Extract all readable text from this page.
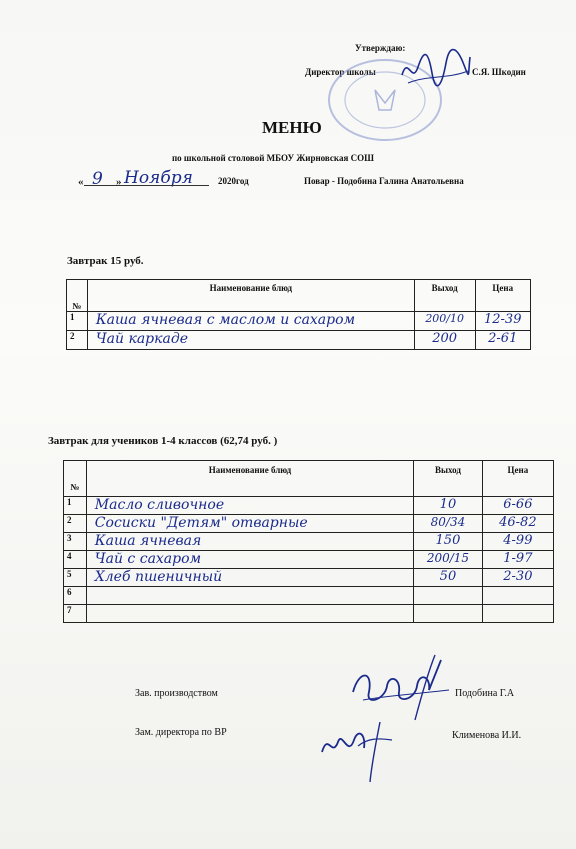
Утверждаю:
Директор школы	С.Я. Шкодин
МЕНЮ
по школьной столовой МБОУ Жирновская СОШ
« 9 » Ноября	2020год	Повар - Подобина Галина Анатольевна
Завтрак 15 руб.
№	Наименование блюд	Выход	Цена
1	Каша ячневая с маслом и сахаром	200/10	12-39
2	Чай каркаде	200	2-61
Завтрак для учеников 1-4 классов (62,74 руб. )
№	Наименование блюд	Выход	Цена
1	Масло сливочное	10	6-66
2	Сосиски "Детям" отварные	80/34	46-82
3	Каша ячневая	150	4-99
4	Чай с сахаром	200/15	1-97
5	Хлеб пшеничный	50	2-30
6			
7			
Зав. производством	Подобина Г.А
Зам. директора по ВР	Клименова И.И.
